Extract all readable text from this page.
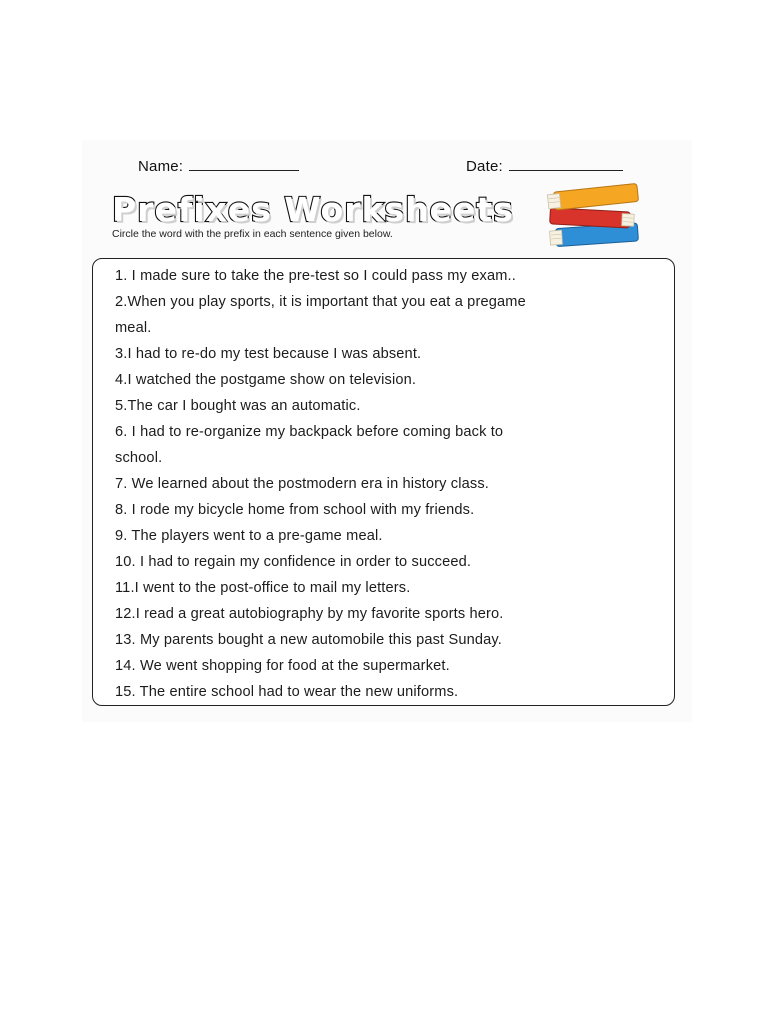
Name:	Date:
Prefixes Worksheets
Circle the word with the prefix in each sentence given below.
1. I made sure to take the pre-test so I could pass my exam..
2.When you play sports, it is important that you eat a pregame
meal.
3.I had to re-do my test because I was absent.
4.I watched the postgame show on television.
5.The car I bought was an automatic.
6. I had to re-organize my backpack before coming back to
school.
7. We learned about the postmodern era in history class.
8. I rode my bicycle home from school with my friends.
9. The players went to a pre-game meal.
10. I had to regain my confidence in order to succeed.
11.I went to the post-office to mail my letters.
12.I read a great autobiography by my favorite sports hero.
13. My parents bought a new automobile this past Sunday.
14. We went shopping for food at the supermarket.
15. The entire school had to wear the new uniforms.
